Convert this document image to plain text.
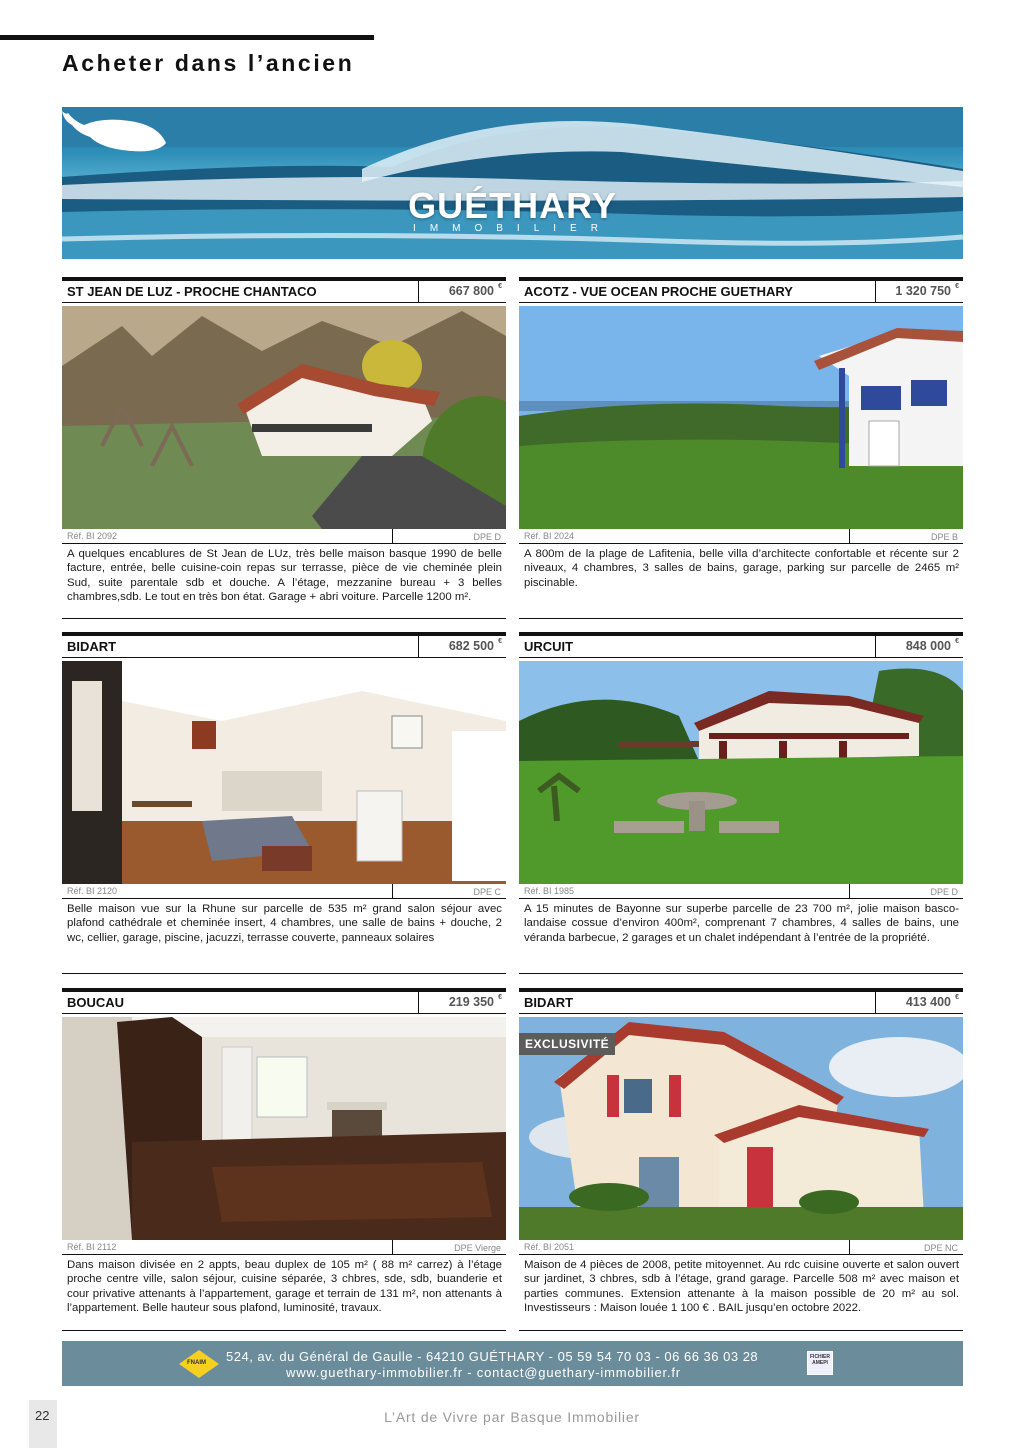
Acheter dans l’ancien
GUÉTHARY
IMMOBILIER
ST JEAN DE LUZ - PROCHE CHANTACO	667 800 €
Réf. BI 2092	DPE D
A quelques encablures de St Jean de LUz, très belle maison basque 1990 de belle facture, entrée, belle cuisine-coin repas sur terrasse, pièce de vie cheminée plein Sud, suite parentale sdb et douche. A l’étage, mezzanine bureau + 3 belles chambres,sdb. Le tout en très bon état. Garage + abri voiture. Parcelle 1200 m².
ACOTZ - VUE OCEAN PROCHE GUETHARY	1 320 750 €
Réf. BI 2024	DPE B
A 800m de la plage de Lafitenia, belle villa d’architecte confortable et récente sur 2 niveaux, 4 chambres, 3 salles de bains, garage, parking sur parcelle de 2465 m² piscinable.
BIDART	682 500 €
Réf. BI 2120	DPE C
Belle maison vue sur la Rhune sur parcelle de 535 m² grand salon séjour avec plafond cathédrale et cheminée insert, 4 chambres, une salle de bains + douche, 2 wc, cellier, garage, piscine, jacuzzi, terrasse couverte, panneaux solaires
URCUIT	848 000 €
Réf. BI 1985	DPE D
A 15 minutes de Bayonne sur superbe parcelle de 23 700 m², jolie maison basco-landaise cossue d’environ 400m², comprenant 7 chambres, 4 salles de bains, une véranda barbecue, 2 garages et un chalet indépendant à l’entrée de la propriété.
BOUCAU	219 350 €
Réf. BI 2112	DPE Vierge
Dans maison divisée en 2 appts, beau duplex de 105 m² ( 88 m² carrez) à l’étage proche centre ville, salon séjour, cuisine séparée, 3 chbres, sde, sdb, buanderie et cour privative attenants à l’appartement, garage et terrain de 131 m², non attenants à l’appartement. Belle hauteur sous plafond, luminosité, travaux.
BIDART	413 400 €
EXCLUSIVITÉ
Réf. BI 2051	DPE NC
Maison de 4 pièces de 2008, petite mitoyennet. Au rdc cuisine ouverte et salon ouvert sur jardinet, 3 chbres, sdb à l’étage, grand garage. Parcelle 508 m² avec maison et parties communes. Extension attenante à la maison possible de 20 m² au sol. Investisseurs : Maison louée 1 100 € . BAIL jusqu’en octobre 2022.
FNAIM 524, av. du Général de Gaulle - 64210 GUÉTHARY - 05 59 54 70 03 - 06 66 36 03 28
www.guethary-immobilier.fr - contact@guethary-immobilier.fr
FICHIER AMEPI
22	L’Art de Vivre par Basque Immobilier
